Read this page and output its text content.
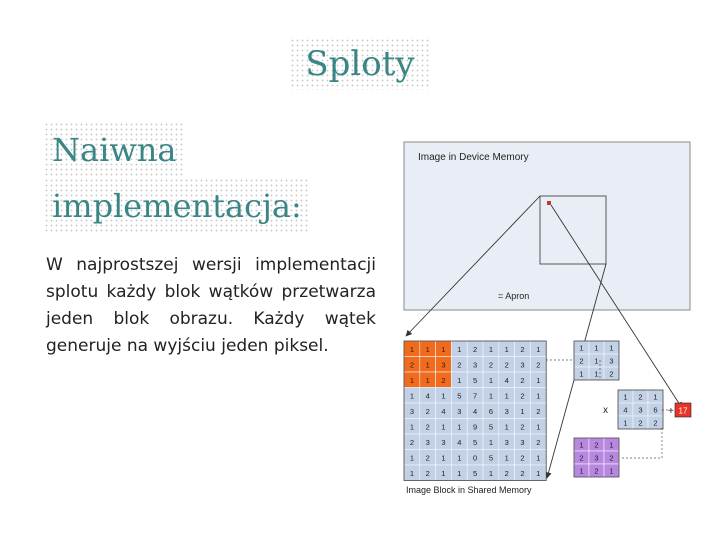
Sploty
Naiwna
implementacja:
W najprostszej wersji implementacji splotu każdy blok wątków przetwarza jeden blok obrazu. Każdy wątek generuje na wyjściu jeden piksel.
Image in Device Memory
= Apron
1 1 1 1 2 1 1 2 1
2 1 3 2 3 2 2 3 2
1 1 2 1 5 1 4 2 1
1 4 1 5 7 1 1 2 1
3 2 4 3 4 6 3 1 2
1 2 1 1 9 5 1 2 1
2 3 3 4 5 1 3 3 2
1 2 1 1 0 5 1 2 1
1 2 1 1 5 1 2 2 1
Image Block in Shared Memory
1 1 1
2 1 3
1 1 2
1 2 1
4 3 6
1 2 2
1 2 1
2 3 2
1 2 1
x	+ 17
